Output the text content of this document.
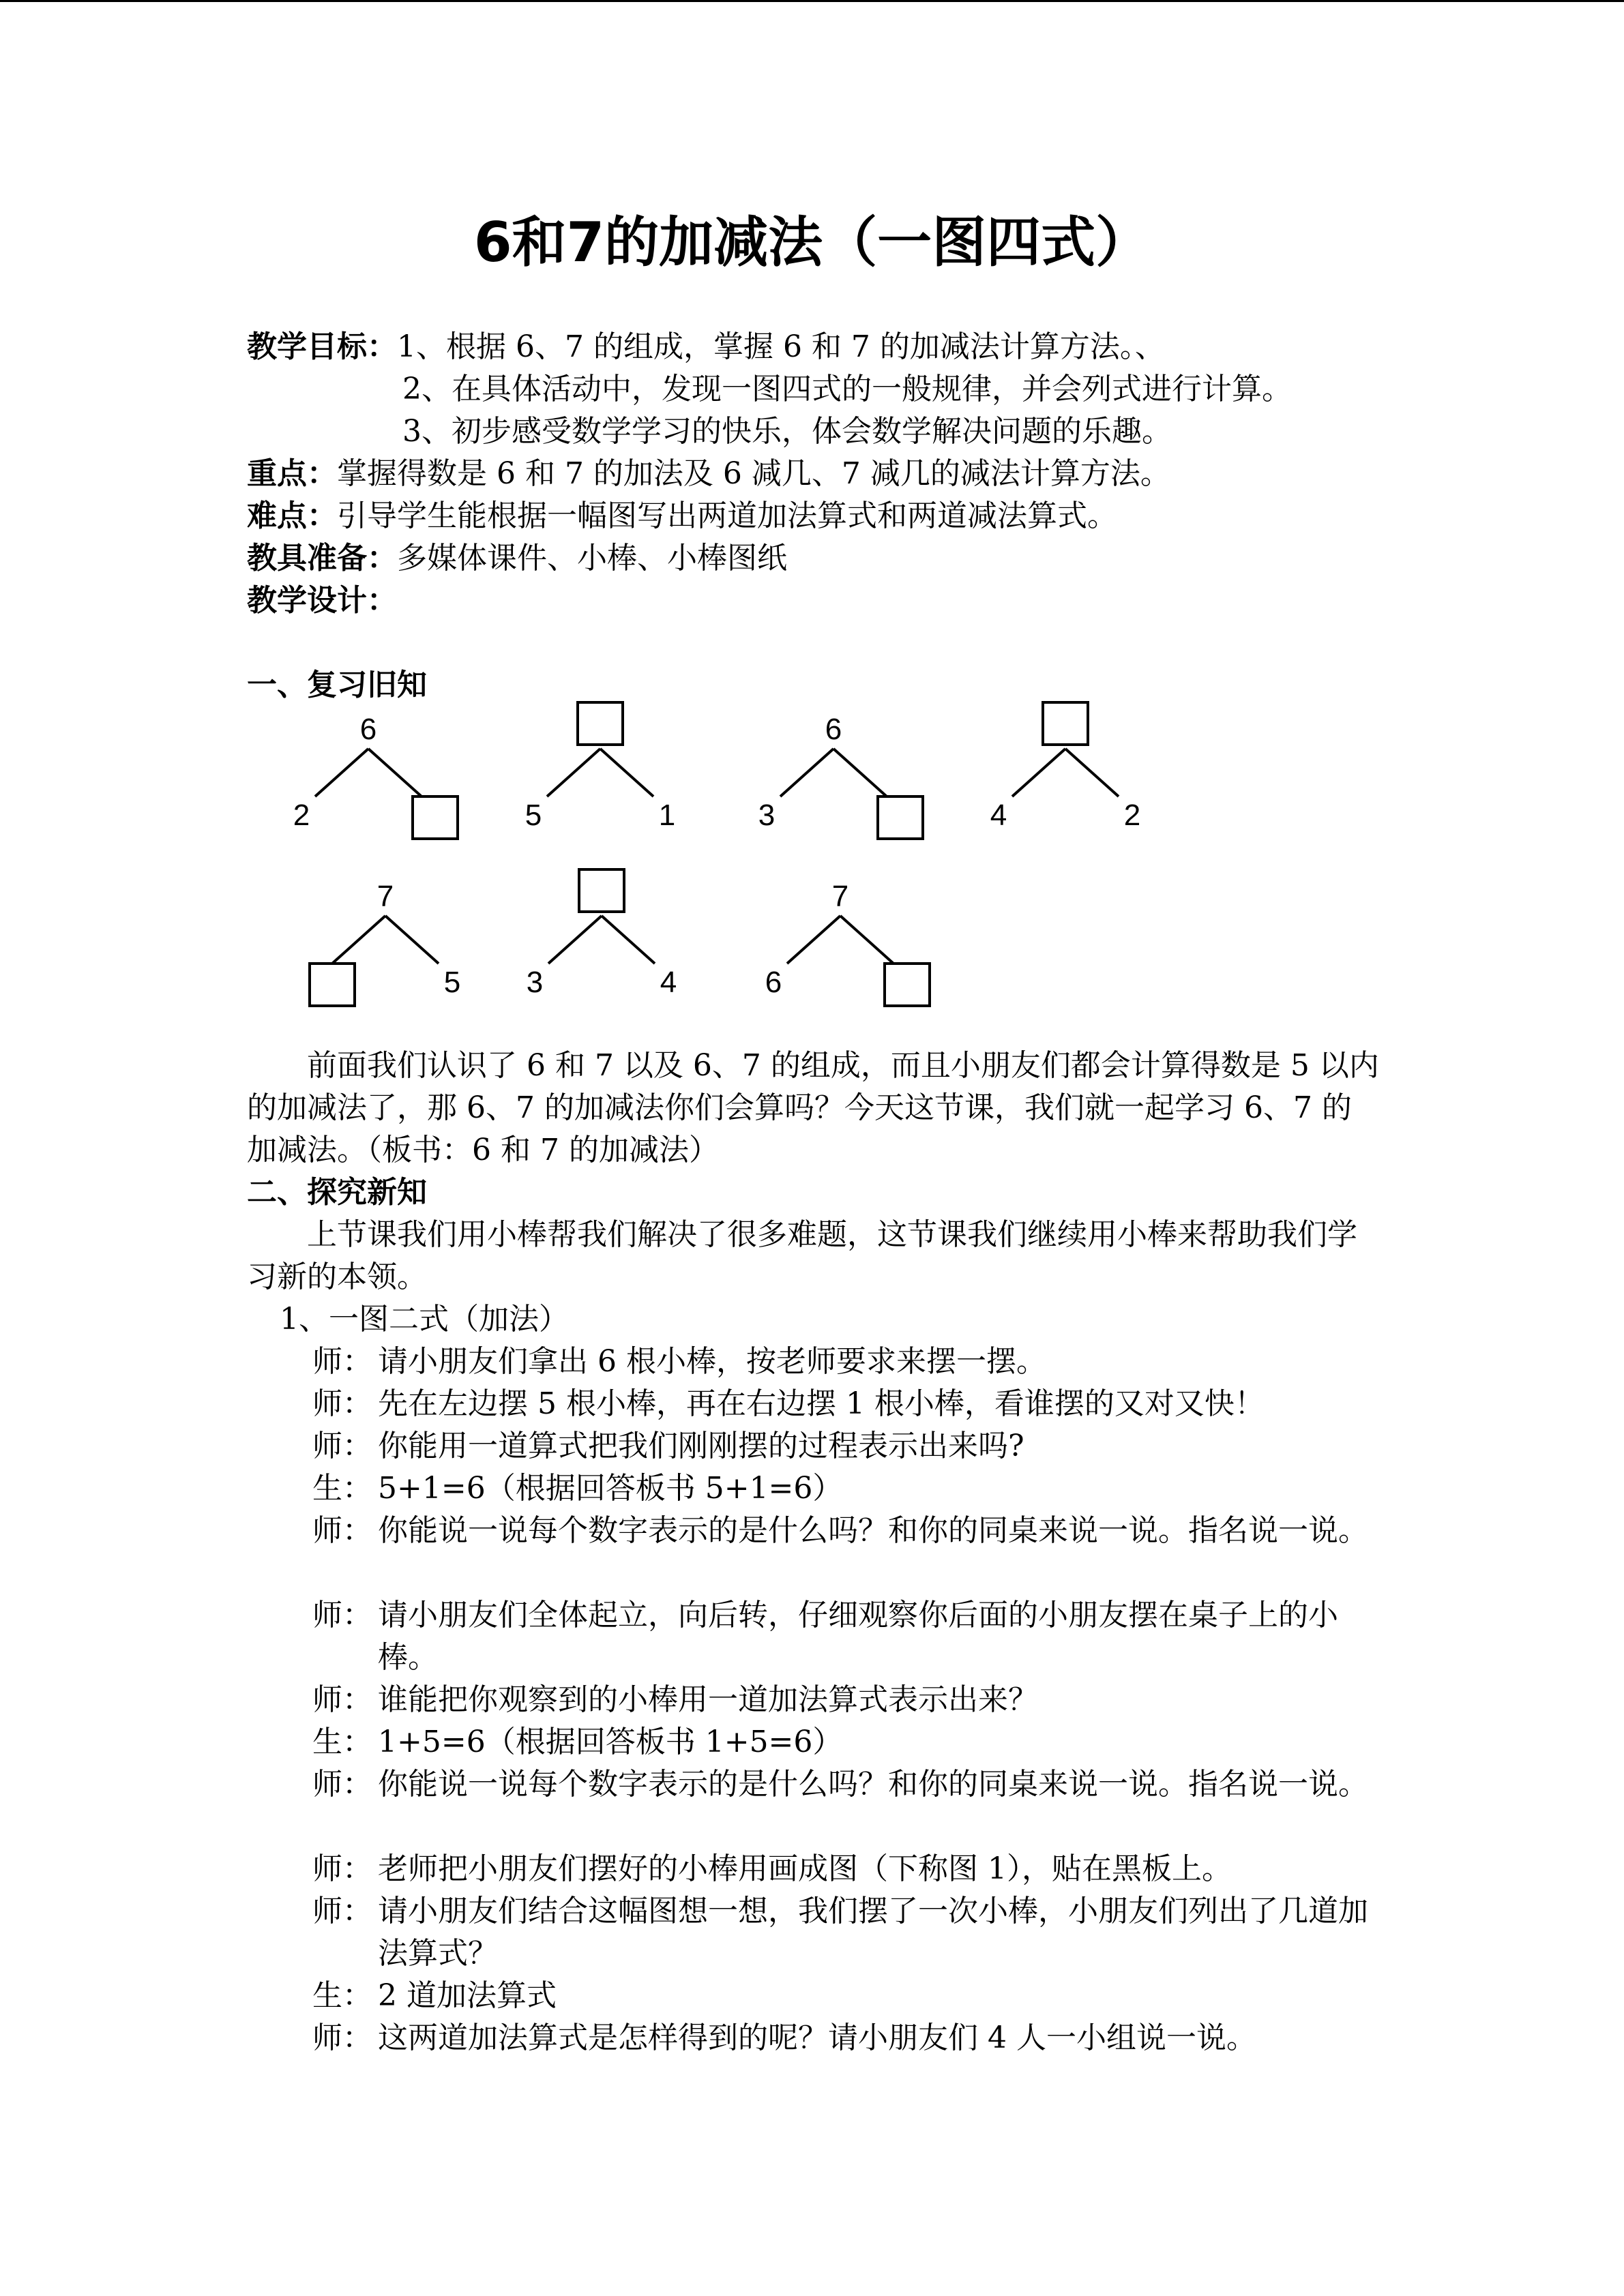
6和7的加减法（一图四式）
教学目标：1、根据 6、7 的组成，掌握 6 和 7 的加减法计算方法。、
2、在具体活动中，发现一图四式的一般规律，并会列式进行计算。
3、初步感受数学学习的快乐，体会数学解决问题的乐趣。
重点：掌握得数是 6 和 7 的加法及 6 减几、7 减几的减法计算方法。
难点：引导学生能根据一幅图写出两道加法算式和两道减法算式。
教具准备：多媒体课件、小棒、小棒图纸
教学设计：
一、复习旧知
6
2	5	1
6
3	4	2
7
5 3	4
7
6

前面我们认识了 6 和 7 以及 6、7 的组成，而且小朋友们都会计算得数是 5 以内的加减法了，那 6、7 的加减法你们会算吗？今天这节课，我们就一起学习 6、7 的加减法。（板书：6 和 7 的加减法）

二、探究新知

上节课我们用小棒帮我们解决了很多难题，这节课我们继续用小棒来帮助我们学习新的本领。

1、一图二式（加法）
师： 请小朋友们拿出 6 根小棒，按老师要求来摆一摆。
师： 先在左边摆 5 根小棒，再在右边摆 1 根小棒，看谁摆的又对又快！
师： 你能用一道算式把我们刚刚摆的过程表示出来吗?
生： 5+1=6（根据回答板书 5+1=6）
师： 你能说一说每个数字表示的是什么吗？和你的同桌来说一说。指名说一说。
师： 请小朋友们全体起立，向后转，仔细观察你后面的小朋友摆在桌子上的小棒。
师： 谁能把你观察到的小棒用一道加法算式表示出来？
生： 1+5=6（根据回答板书 1+5=6）
师： 你能说一说每个数字表示的是什么吗？和你的同桌来说一说。指名说一说。
师： 老师把小朋友们摆好的小棒用画成图（下称图 1），贴在黑板上。
师： 请小朋友们结合这幅图想一想，我们摆了一次小棒，小朋友们列出了几道加法算式？
生： 2 道加法算式
师： 这两道加法算式是怎样得到的呢？请小朋友们 4 人一小组说一说。
